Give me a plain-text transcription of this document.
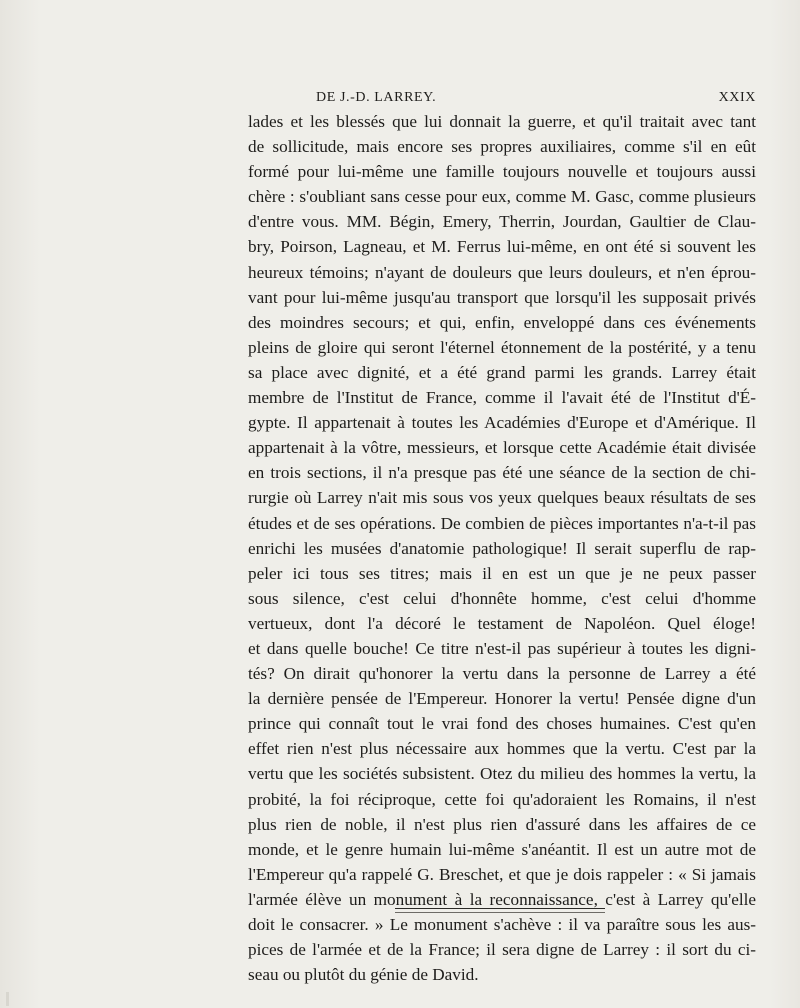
DE J.-D. LARREY.	XXIX
lades et les blessés que lui donnait la guerre, et qu'il traitait avec tant
de sollicitude, mais encore ses propres auxiliaires, comme s'il en eût
formé pour lui-même une famille toujours nouvelle et toujours aussi
chère : s'oubliant sans cesse pour eux, comme M. Gasc, comme plusieurs
d'entre vous. MM. Bégin, Emery, Therrin, Jourdan, Gaultier de Clau-
bry, Poirson, Lagneau, et M. Ferrus lui-même, en ont été si souvent les
heureux témoins; n'ayant de douleurs que leurs douleurs, et n'en éprou-
vant pour lui-même jusqu'au transport que lorsqu'il les supposait privés
des moindres secours; et qui, enfin, enveloppé dans ces événements
pleins de gloire qui seront l'éternel étonnement de la postérité, y a tenu
sa place avec dignité, et a été grand parmi les grands. Larrey était
membre de l'Institut de France, comme il l'avait été de l'Institut d'É-
gypte. Il appartenait à toutes les Académies d'Europe et d'Amérique. Il
appartenait à la vôtre, messieurs, et lorsque cette Académie était divisée
en trois sections, il n'a presque pas été une séance de la section de chi-
rurgie où Larrey n'ait mis sous vos yeux quelques beaux résultats de ses
études et de ses opérations. De combien de pièces importantes n'a-t-il pas
enrichi les musées d'anatomie pathologique! Il serait superflu de rap-
peler ici tous ses titres; mais il en est un que je ne peux passer
sous silence, c'est celui d'honnête homme, c'est celui d'homme
vertueux, dont l'a décoré le testament de Napoléon. Quel éloge!
et dans quelle bouche! Ce titre n'est-il pas supérieur à toutes les digni-
tés? On dirait qu'honorer la vertu dans la personne de Larrey a été
la dernière pensée de l'Empereur. Honorer la vertu! Pensée digne d'un
prince qui connaît tout le vrai fond des choses humaines. C'est qu'en
effet rien n'est plus nécessaire aux hommes que la vertu. C'est par la
vertu que les sociétés subsistent. Otez du milieu des hommes la vertu, la
probité, la foi réciproque, cette foi qu'adoraient les Romains, il n'est
plus rien de noble, il n'est plus rien d'assuré dans les affaires de ce
monde, et le genre humain lui-même s'anéantit. Il est un autre mot de
l'Empereur qu'a rappelé G. Breschet, et que je dois rappeler : « Si jamais
l'armée élève un monument à la reconnaissance, c'est à Larrey qu'elle
doit le consacrer. » Le monument s'achève : il va paraître sous les aus-
pices de l'armée et de la France; il sera digne de Larrey : il sort du ci-
seau ou plutôt du génie de David.
